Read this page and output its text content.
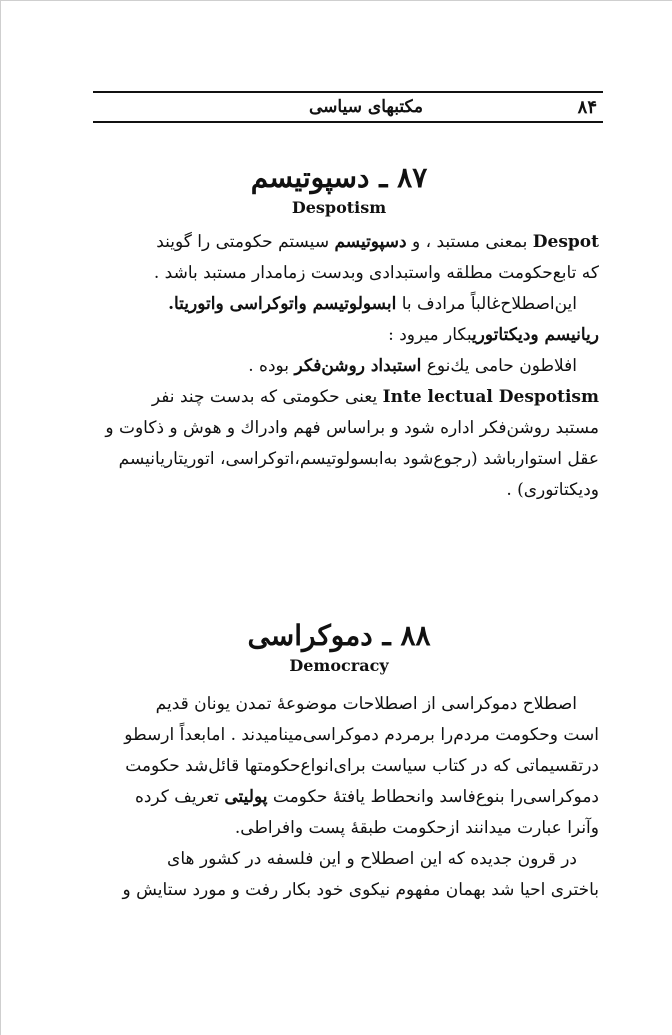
۸۴
مکتبهای سیاسی
۸۷ ـ دسپوتیسم
Despotism

Despot بمعنی مستبد ، و دسپوتیسم سیستم حکومتی را گویند
که تابع‌حکومت مطلقه واستبدادی وبدست زمامدار مستبد باشد .

این‌اصطلاح‌غالباً مرادف با ابسولوتیسم واتوکراسی واتوریتا.
ریانیسم ودیکتاتوریبکار میرود :

افلاطون حامی یك‌نوع استبداد روشن‌فکر بوده .

Inte lectual Despotism یعنی حکومتی که بدست چند نفر
مستبد روشن‌فکر اداره شود و براساس فهم وادراك و هوش و ذکاوت و
عقل استوارباشد (رجوع‌شود به‌ابسولوتیسم،اتوکراسی، اتوریتاریانیسم
ودیکتاتوری) .

۸۸ ـ دموکراسی
Democracy

اصطلاح دموکراسی از اصطلاحات موضوعهٔ تمدن یونان قدیم
است وحکومت مردم‌را برمردم دموکراسی‌مینامیدند . امابعداً ارسطو
درتقسیماتی که در کتاب سیاست برای‌انواع‌حکومتها قائل‌شد حکومت
دموکراسی‌را بنوع‌فاسد وانحطاط یافتهٔ حکومت پولیتی تعریف کرده
وآنرا عبارت میدانند ازحکومت طبقهٔ پست وافراطی.

در قرون جدیده که این اصطلاح و این فلسفه در کشور های
باختری احیا شد بهمان مفهوم نیکوی خود بکار رفت و مورد ستایش و
